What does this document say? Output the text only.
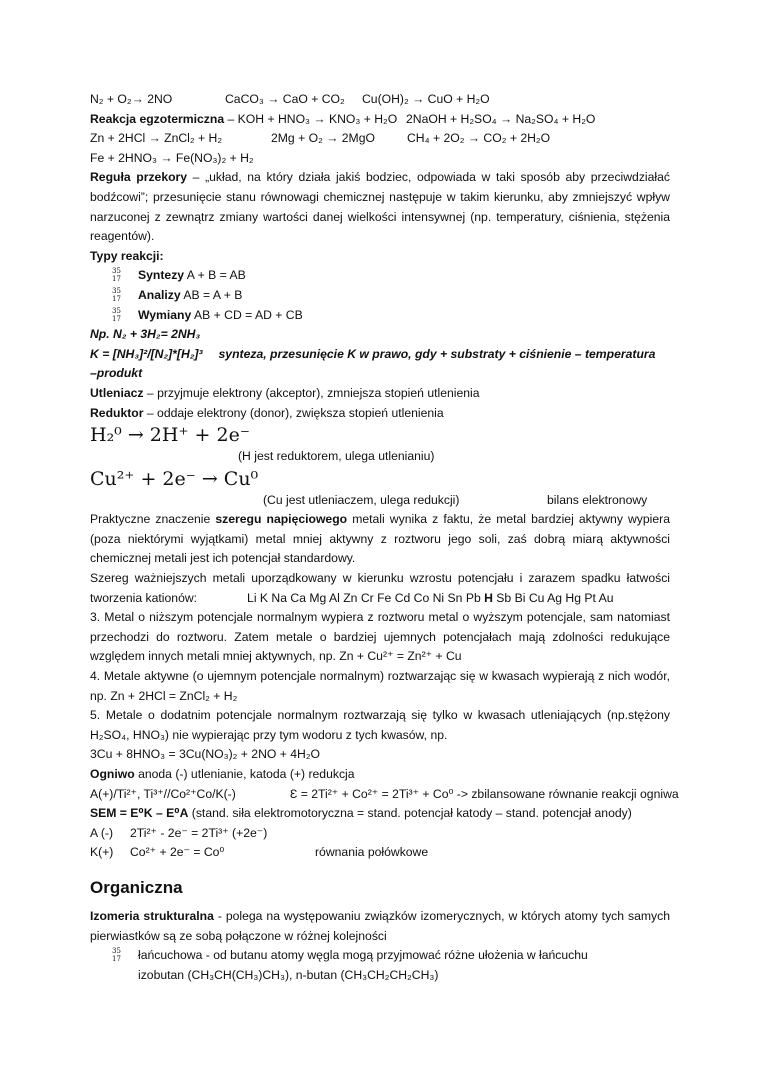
N₂ + O₂→ 2NO	CaCO₃ → CaO + CO₂ Cu(OH)₂ → CuO + H₂O
Reakcja egzotermiczna – KOH + HNO₃ → KNO₃ + H₂O 2NaOH + H₂SO₄ → Na₂SO₄ + H₂O
Zn + 2HCl → ZnCl₂ + H₂	2Mg + O₂ → 2MgO	CH₄ + 2O₂ → CO₂ + 2H₂O
Fe + 2HNO₃ → Fe(NO₃)₂ + H₂
Reguła przekory – „układ, na który działa jakiś bodziec, odpowiada w taki sposób aby przeciwdziałać bodźcowi”; przesunięcie stanu równowagi chemicznej następuje w takim kierunku, aby zmniejszyć wpływ narzuconej z zewnątrz zmiany wartości danej wielkości intensywnej (np. temperatury, ciśnienia, stężenia reagentów).
Typy reakcji:
35
17 Syntezy A + B = AB
35
17 Analizy AB = A + B
35
17 Wymiany AB + CD = AD + CB
Np. N₂ + 3H₂= 2NH₃
K = [NH₃]²/[N₂]*[H₂]³ synteza, przesunięcie K w prawo, gdy + substraty + ciśnienie – temperatura
–produkt
Utleniacz – przyjmuje elektrony (akceptor), zmniejsza stopień utlenienia
Reduktor – oddaje elektrony (donor), zwiększa stopień utlenienia
H₂⁰ → 2H⁺ + 2e⁻
(H jest reduktorem, ulega utlenianiu)
Cu²⁺ + 2e⁻ → Cu⁰
(Cu jest utleniaczem, ulega redukcji)	bilans elektronowy
Praktyczne znaczenie szeregu napięciowego metali wynika z faktu, że metal bardziej aktywny wypiera (poza niektórymi wyjątkami) metal mniej aktywny z roztworu jego soli, zaś dobrą miarą aktywności chemicznej metali jest ich potencjał standardowy.
Szereg ważniejszych metali uporządkowany w kierunku wzrostu potencjału i zarazem spadku łatwości tworzenia kationów:	Li K Na Ca Mg Al Zn Cr Fe Cd Co Ni Sn Pb H Sb Bi Cu Ag Hg Pt Au
3. Metal o niższym potencjale normalnym wypiera z roztworu metal o wyższym potencjale, sam natomiast przechodzi do roztworu. Zatem metale o bardziej ujemnych potencjałach mają zdolności redukujące względem innych metali mniej aktywnych, np. Zn + Cu²⁺ = Zn²⁺ + Cu
4. Metale aktywne (o ujemnym potencjale normalnym) roztwarzając się w kwasach wypierają z nich wodór, np. Zn + 2HCl = ZnCl₂ + H₂
5. Metale o dodatnim potencjale normalnym roztwarzają się tylko w kwasach utleniających (np.stężony H₂SO₄, HNO₃) nie wypierając przy tym wodoru z tych kwasów, np.
3Cu + 8HNO₃ = 3Cu(NO₃)₂ + 2NO + 4H₂O
Ogniwo anoda (-) utlenianie, katoda (+) redukcja
A(+)/Ti²⁺, Ti³⁺//Co²⁺Co/K(-)	Ɛ = 2Ti²⁺ + Co²⁺ = 2Ti³⁺ + Co⁰ -> zbilansowane równanie reakcji ogniwa
SEM = E⁰K – E⁰A (stand. siła elektromotoryczna = stand. potencjał katody – stand. potencjał anody)
A (-) 2Ti²⁺ - 2e⁻ = 2Ti³⁺ (+2e⁻)
K(+) Co²⁺ + 2e⁻ = Co⁰	równania połówkowe
Organiczna
Izomeria strukturalna - polega na występowaniu związków izomerycznych, w których atomy tych samych pierwiastków są ze sobą połączone w różnej kolejności
35
17 łańcuchowa - od butanu atomy węgla mogą przyjmować różne ułożenia w łańcuchu
izobutan (CH₃CH(CH₃)CH₃), n-butan (CH₃CH₂CH₂CH₃)
